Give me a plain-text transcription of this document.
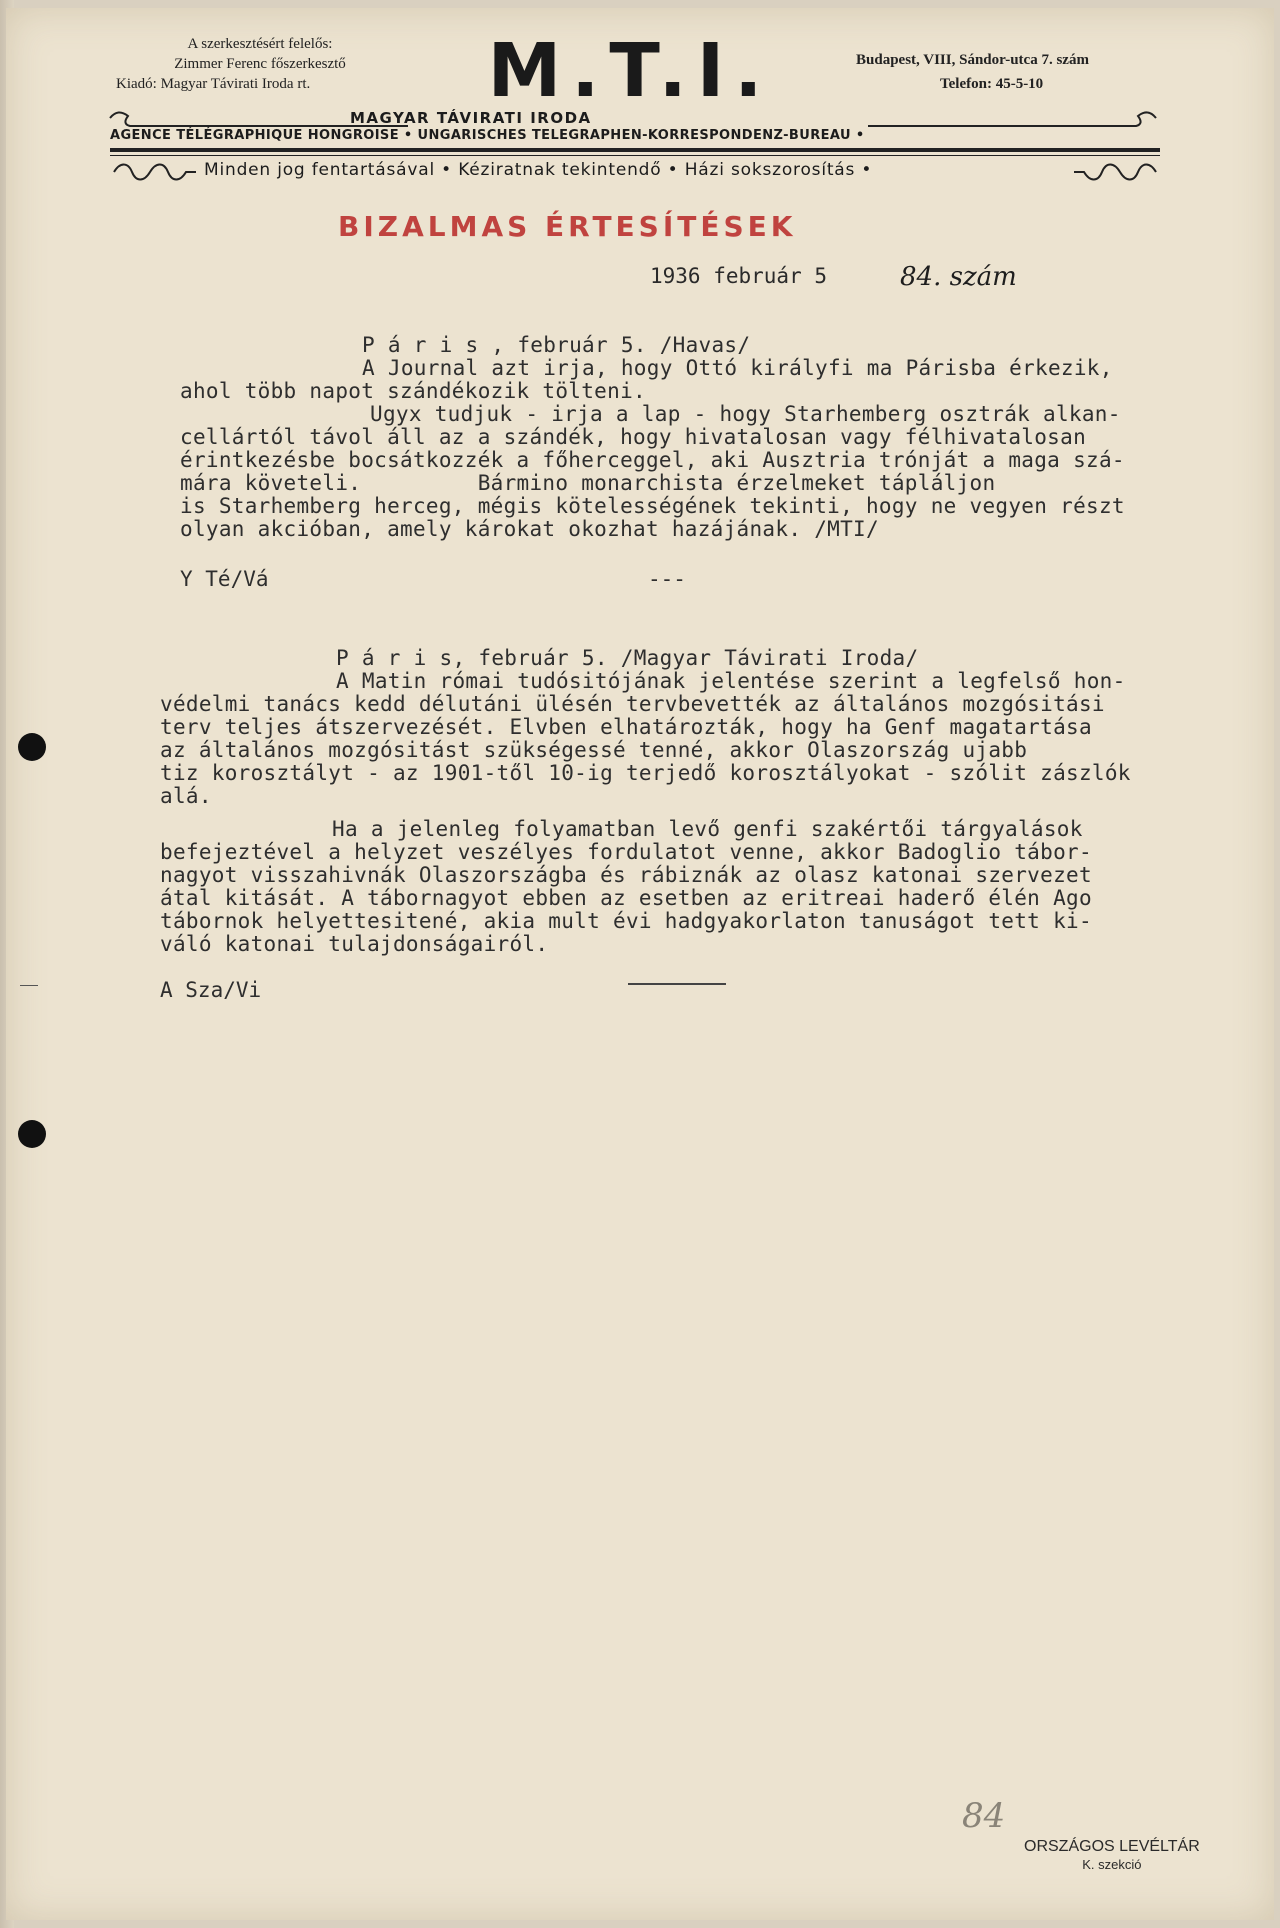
A szerkesztésért felelős:
Zimmer Ferenc főszerkesztő
Kiadó: Magyar Távirati Iroda rt.	M.T.I.	Budapest, VIII, Sándor-utca 7. szám
Telefon: 45-5-10
MAGYAR TÁVIRATI IRODA
AGENCE TÉLÉGRAPHIQUE HONGROISE • UNGARISCHES TELEGRAPHEN-KORRESPONDENZ-BUREAU •
Minden jog fentartásával • Kéziratnak tekintendő • Házi sokszorosítás •
BIZALMAS ÉRTESÍTÉSEK
1936 február 5	84. szám
P á r i s , február 5. /Havas/
A Journal azt irja, hogy Ottó királyfi ma Párisba érkezik,
ahol több napot szándékozik tölteni.
Ugyx tudjuk - irja a lap - hogy Starhemberg osztrák alkan-
cellártól távol áll az a szándék, hogy hivatalosan vagy félhivatalosan
érintkezésbe bocsátkozzék a főherceggel, aki Ausztria trónját a maga szá-
mára követeli.         Bármino monarchista érzelmeket tápláljon
is Starhemberg herceg, mégis kötelességének tekinti, hogy ne vegyen részt
olyan akcióban, amely károkat okozhat hazájának. /MTI/
Y Té/Vá	---
P á r i s, február 5. /Magyar Távirati Iroda/
A Matin római tudósitójának jelentése szerint a legfelső hon-
védelmi tanács kedd délutáni ülésén tervbevették az általános mozgósitási
terv teljes átszervezését. Elvben elhatározták, hogy ha Genf magatartása
az általános mozgósitást szükségessé tenné, akkor Olaszország ujabb
tiz korosztályt - az 1901-től 10-ig terjedő korosztályokat - szólit zászlók
alá.
Ha a jelenleg folyamatban levő genfi szakértői tárgyalások
befejeztével a helyzet veszélyes fordulatot venne, akkor Badoglio tábor-
nagyot visszahivnák Olaszországba és rábiznák az olasz katonai szervezet
átal kitását. A tábornagyot ebben az esetben az eritreai haderő élén Ago
tábornok helyettesitené, akia mult évi hadgyakorlaton tanuságot tett ki-
váló katonai tulajdonságairól.
A Sza/Vi
84
ORSZÁGOS LEVÉLTÁR
K. szekció
